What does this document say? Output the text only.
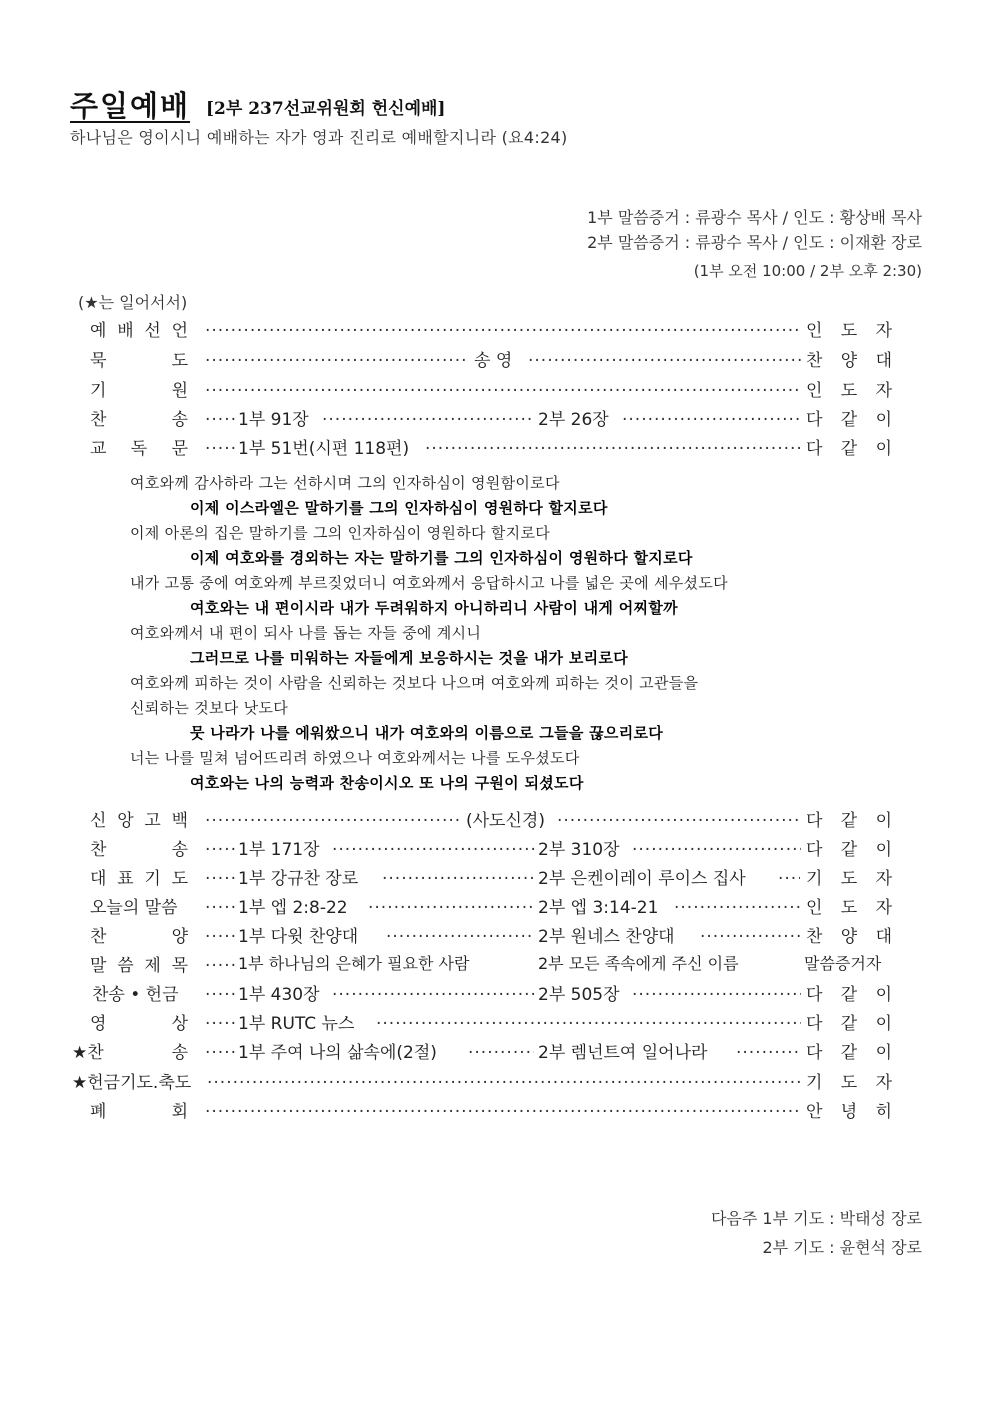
주일예배 [2부 237선교위원회 헌신예배]
하나님은 영이시니 예배하는 자가 영과 진리로 예배할지니라 (요4:24)
1부 말씀증거 : 류광수 목사 / 인도 : 황상배 목사
2부 말씀증거 : 류광수 목사 / 인도 : 이재환 장로
(1부 오전 10:00 / 2부 오후 2:30)
(★는 일어서서)
예 배 선 언 .....	인 도 자
묵	도 .....	송 영 .....	찬 양 대
기	원 .....	인 도 자
찬	송 .....	1부 91장 .....	2부 26장 .....	다 같 이
교 독 문 .....	1부 51번(시편 118편) .....	다 같 이
여호와께 감사하라 그는 선하시며 그의 인자하심이 영원함이로다
이제 이스라엘은 말하기를 그의 인자하심이 영원하다 할지로다
이제 아론의 집은 말하기를 그의 인자하심이 영원하다 할지로다
이제 여호와를 경외하는 자는 말하기를 그의 인자하심이 영원하다 할지로다
내가 고통 중에 여호와께 부르짖었더니 여호와께서 응답하시고 나를 넓은 곳에 세우셨도다
여호와는 내 편이시라 내가 두려워하지 아니하리니 사람이 내게 어찌할까
여호와께서 내 편이 되사 나를 돕는 자들 중에 계시니
그러므로 나를 미워하는 자들에게 보응하시는 것을 내가 보리로다
여호와께 피하는 것이 사람을 신뢰하는 것보다 나으며 여호와께 피하는 것이 고관들을
신뢰하는 것보다 낫도다
뭇 나라가 나를 에워쌌으니 내가 여호와의 이름으로 그들을 끊으리로다
너는 나를 밀쳐 넘어뜨리려 하였으나 여호와께서는 나를 도우셨도다
여호와는 나의 능력과 찬송이시오 또 나의 구원이 되셨도다
신 앙 고 백 .....	(사도신경) .....	다 같 이
찬	송 .....	1부 171장 .....	2부 310장 .....	다 같 이
대 표 기 도 .....	1부 강규찬 장로 .....	2부 은켄이레이 루이스 집사 .....	기 도 자
오늘의 말씀 .....	1부 엡 2:8-22 .....	2부 엡 3:14-21 .....	인 도 자
찬	양 .....	1부 다윗 찬양대 .....	2부 원네스 찬양대 .....	찬 양 대
말 씀 제 목 .....	1부 하나님의 은혜가 필요한 사람	2부 모든 족속에게 주신 이름	말씀증거자
찬송 • 헌금 .....	1부 430장 .....	2부 505장 .....	다 같 이
영	상 .....	1부 RUTC 뉴스 .....	다 같 이
★찬	송 .....	1부 주여 나의 삶속에(2절) .....	2부 렘넌트여 일어나라 .....	다 같 이
★헌금기도.축도 .....	기 도 자
폐	회 .....	안 녕 히
다음주 1부 기도 : 박태성 장로
2부 기도 : 윤현석 장로
